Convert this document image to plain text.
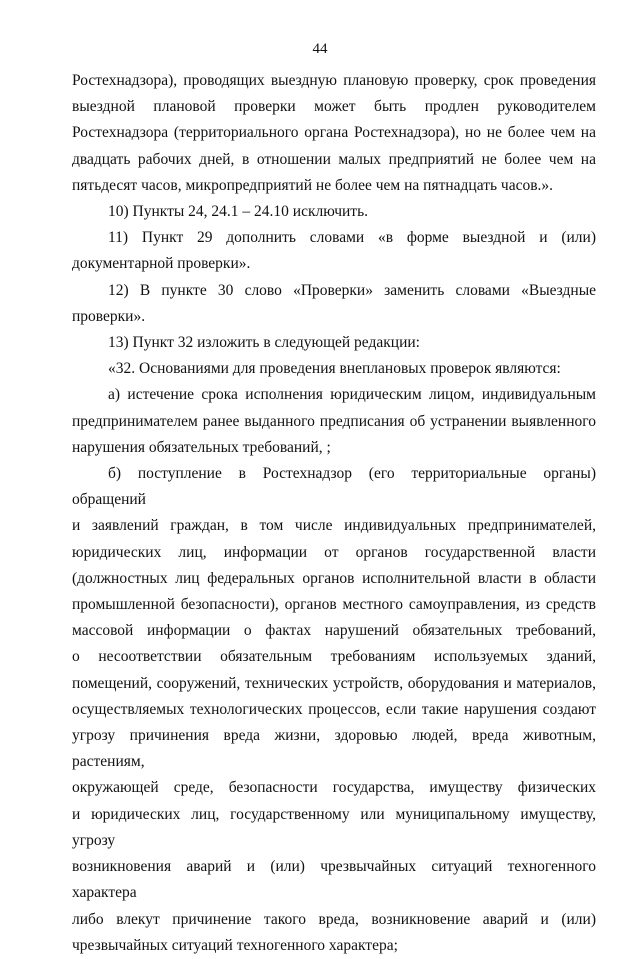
44
Ростехнадзора), проводящих выездную плановую проверку, срок проведения
выездной плановой проверки может быть продлен руководителем
Ростехнадзора (территориального органа Ростехнадзора), но не более чем на
двадцать рабочих дней, в отношении малых предприятий не более чем на
пятьдесят часов, микропредприятий не более чем на пятнадцать часов.».
10) Пункты 24, 24.1 – 24.10 исключить.
11) Пункт 29 дополнить словами «в форме выездной и (или)
документарной проверки».
12) В пункте 30 слово «Проверки» заменить словами «Выездные
проверки».
13) Пункт 32 изложить в следующей редакции:
«32. Основаниями для проведения внеплановых проверок являются:
а) истечение срока исполнения юридическим лицом, индивидуальным
предпринимателем ранее выданного предписания об устранении выявленного
нарушения обязательных требований, ;
б) поступление в Ростехнадзор (его территориальные органы) обращений
и заявлений граждан, в том числе индивидуальных предпринимателей,
юридических лиц, информации от органов государственной власти
(должностных лиц федеральных органов исполнительной власти в области
промышленной безопасности), органов местного самоуправления, из средств
массовой информации о фактах нарушений обязательных требований,
о несоответствии обязательным требованиям используемых зданий,
помещений, сооружений, технических устройств, оборудования и материалов,
осуществляемых технологических процессов, если такие нарушения создают
угрозу причинения вреда жизни, здоровью людей, вреда животным, растениям,
окружающей среде, безопасности государства, имуществу физических
и юридических лиц, государственному или муниципальному имуществу, угрозу
возникновения аварий и (или) чрезвычайных ситуаций техногенного характера
либо влекут причинение такого вреда, возникновение аварий и (или)
чрезвычайных ситуаций техногенного характера;
